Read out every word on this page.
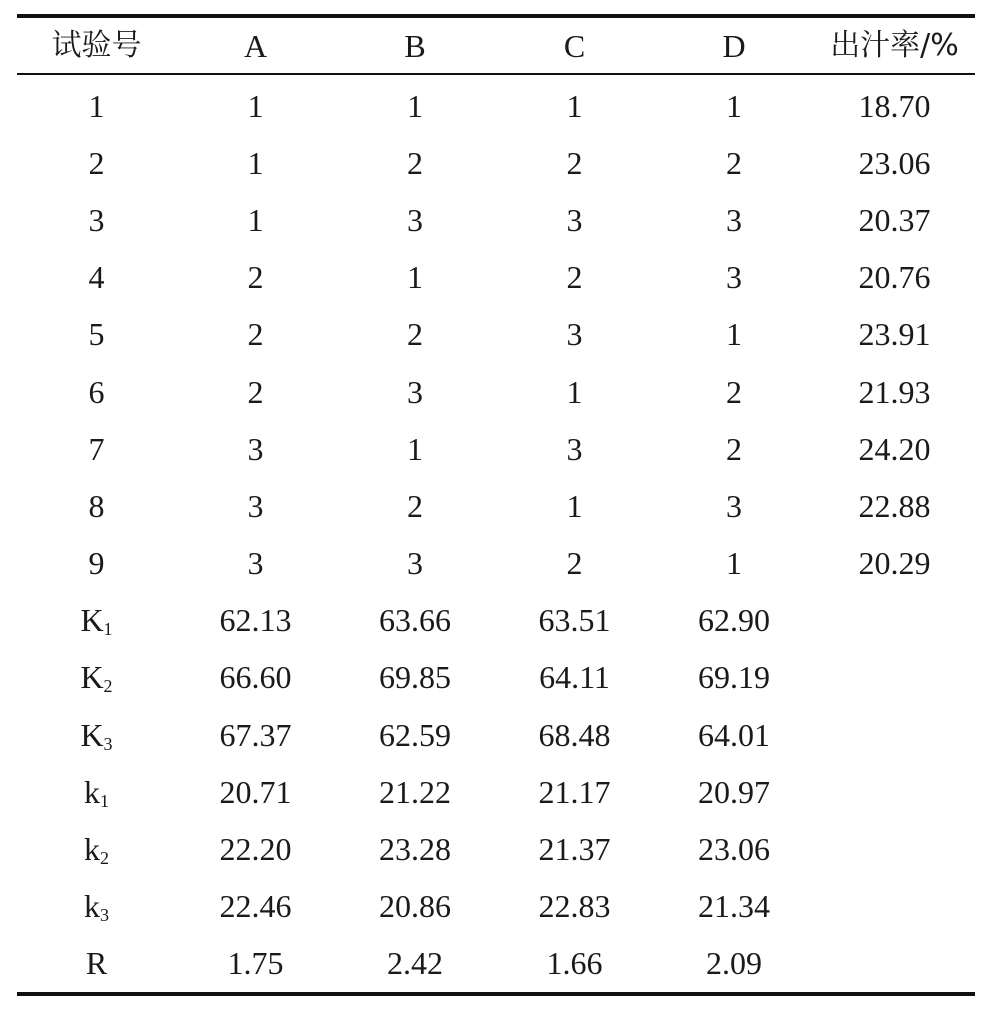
试验号	A	B	C	D	出汁率/%
1	1	1	1	1	18.70
2	1	2	2	2	23.06
3	1	3	3	3	20.37
4	2	1	2	3	20.76
5	2	2	3	1	23.91
6	2	3	1	2	21.93
7	3	1	3	2	24.20
8	3	2	1	3	22.88
9	3	3	2	1	20.29
$K_1$	62.13	63.66	63.51	62.90	
$K_2$	66.60	69.85	64.11	69.19	
$K_3$	67.37	62.59	68.48	64.01	
$k_1$	20.71	21.22	21.17	20.97	
$k_2$	22.20	23.28	21.37	23.06	
$k_3$	22.46	20.86	22.83	21.34	
R	1.75	2.42	1.66	2.09	
